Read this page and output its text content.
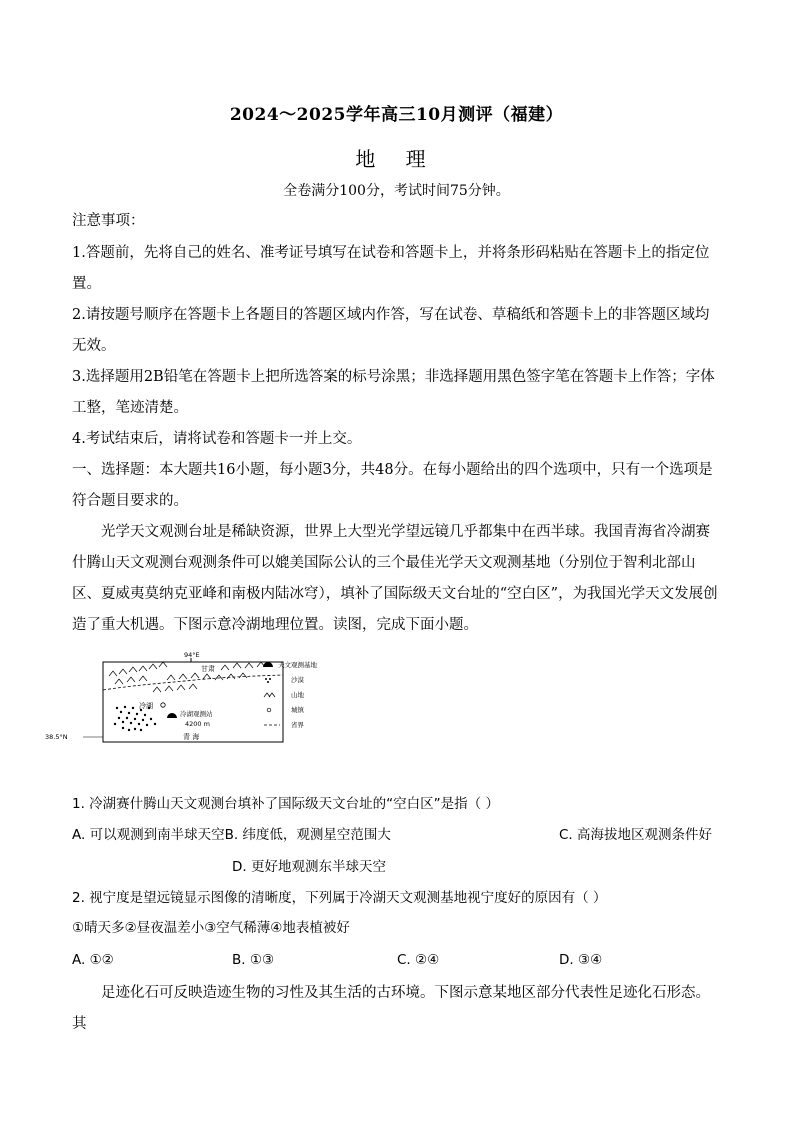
2024～2025学年高三10月测评（福建）
地 理
全卷满分100分，考试时间75分钟。
注意事项：
1.答题前，先将自己的姓名、准考证号填写在试卷和答题卡上，并将条形码粘贴在答题卡上的指定位置。
2.请按题号顺序在答题卡上各题目的答题区域内作答，写在试卷、草稿纸和答题卡上的非答题区域均无效。
3.选择题用2B铅笔在答题卡上把所选答案的标号涂黑；非选择题用黑色签字笔在答题卡上作答；字体工整，笔迹清楚。
4.考试结束后，请将试卷和答题卡一并上交。
一、选择题：本大题共16小题，每小题3分，共48分。在每小题给出的四个选项中，只有一个选项是符合题目要求的。
光学天文观测台址是稀缺资源，世界上大型光学望远镜几乎都集中在西半球。我国青海省冷湖赛什腾山天文观测台观测条件可以媲美国际公认的三个最佳光学天文观测基地（分别位于智利北部山区、夏威夷莫纳克亚峰和南极内陆冰穹），填补了国际级天文台址的“空白区”，为我国光学天文发展创造了重大机遇。下图示意冷湖地理位置。读图，完成下面小题。
94°E
38.5°N
冷湖
冷湖观测站
4200 m
甘肃
青 海
天文观测基地
沙漠
山地
城镇
省界
1. 冷湖赛什腾山天文观测台填补了国际级天文台址的“空白区”是指（ ）
A. 可以观测到南半球天空B. 纬度低，观测星空范围大	C. 高海拔地区观测条件好
D. 更好地观测东半球天空
2. 视宁度是望远镜显示图像的清晰度，下列属于冷湖天文观测基地视宁度好的原因有（ ）
①晴天多②昼夜温差小③空气稀薄④地表植被好
A. ①②	B. ①③	C. ②④	D. ③④
足迹化石可反映造迹生物的习性及其生活的古环境。下图示意某地区部分代表性足迹化石形态。其
